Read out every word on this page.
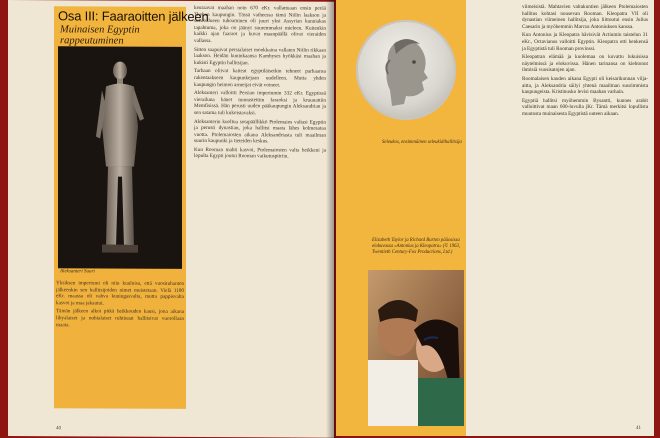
Osa III: Faaraoitten jälkeen
Muinaisen Egyptin rappeutuminen
Aleksanteri Suuri

Yksiksen imperiumi oli niin kuuluisa, että vuosituhanten jälkeenkin sen hallitsijoiden nimet muistetaan. Vielä 1100 eKr. maassa oli vahva kuningasvalta, mutta pappisvalta kasvoi ja maa jakautui.

Tämän jälkeen alkoi pitkä heikkouden kausi, jona aikana libyalaiset ja nubialaiset ruhtinaat hallitsivat vuorollaan maata.

keuraavat maahan noin 670 eKr. vallattuaan ensin perää Theban kaupungin. Tässä vaiheessa tämä Niilin laakson ja suistoalueen tuhoaminen oli juuri yksi Assyrian kunniakas tapahtuma, joka on jäänyt suuremmaksi mieleen. Kuitenkin kaikki ajan faaraot ja kuvat maanpäällä olivat vieraiden vallassa.

Sitten saapuivat persialaiset mookkaina vallaten Niilin rikkaan laakson. Heidän kuninkaansa Kambyses hyökkäsi maahan ja kukisti Egyptin hallitsijan.

Tarhaan oliivat kaiteat egyptiläisetkin tehneet parhaansa rakentaakseen kaupunkejaan uudelleen. Mutta yhden kaupungin heimon armeijat eivät voineet.

Aleksanteri valloitti Persian imperiumin 332 eKr. Egyptissä vierailuna hänet tunnustettiin faraoksi ja kruunattiin Memfisissä. Hän perusti uuden pääkaupungin Aleksandrian ja sen satama tuli kukoistavaksi.

Aleksanterin kuoltua sotapäällikkö Ptolemaios valtasi Egyptin ja perusti dynastian, joka hallitsi maata lähes kolmesataa vuotta. Ptolemaiosten aikana Aleksandriasta tuli maailman suurin kaupunki ja tieteiden keskus.

Kun Rooman mahti kasvoi, Ptolemaiosten valta heikkeni ja lopulta Egypti joutui Rooman vaikutuspiiriin.

40
Seleukos, ensimmäinen seleukidihallitsija
Elizabeth Taylor ja Richard Burton pääosissa elokuvassa »Antonius ja Kleopatra« (© 1963, Twentieth Century-Fox Productions, Ltd.)

viimeisistä. Mahtavien valtakuntien jälkeen Ptolemaiosten hallitus kohtasi nousevan Rooman. Kleopatra VII oli dynastian viimeinen hallitsija, joka liittoutui ensin Julius Caesarin ja myöhemmin Marcus Antoniuksen kanssa.

Kun Antonius ja Kleopatra hävisivät Actiumin taistelun 31 eKr., Octavianus valloitti Egyptin. Kleopatra otti henkensä ja Egyptistä tuli Rooman provinssi.

Kleopatran elämää ja kuolemaa on kuvattu lukuisissa näytelmissä ja elokuvissa. Hänen tarinansa on kiehtonut ihmisiä vuosisatojen ajan.

Roomalaisen kauden aikana Egypti oli keisarikunnan vilja-aitta, ja Aleksandria säilyi yhtenä maailman suurimmista kaupungeista. Kristinusko levisi maahan varhain.

Egyptiä hallitsi myöhemmin Bysantti, kunnes arabit valloittivat maan 600-luvulla jKr. Tämä merkitsi lopullista muutosta muinaisesta Egyptistä uuteen aikaan.

41
